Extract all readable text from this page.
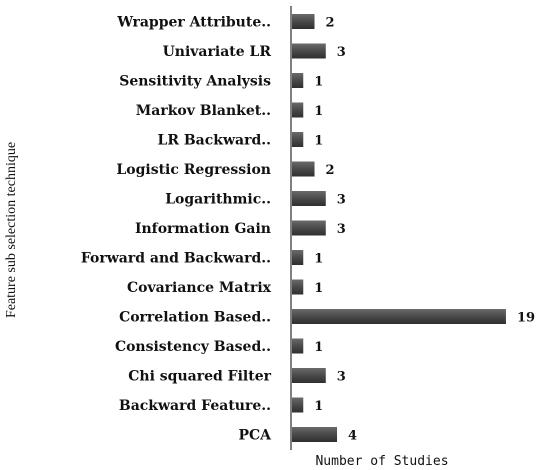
Wrapper Attribute..
Univariate LR
Sensitivity Analysis
Markov Blanket..
LR Backward..
Logistic Regression
Logarithmic..
Information Gain
Forward and Backward..
Covariance Matrix
Correlation Based..
Consistency Based..
Chi squared Filter
Backward Feature..
PCA
2
3
1
1
1
2
3
3
1
1
19
1
3
1
4
Feature sub selection technique
Number of Studies
